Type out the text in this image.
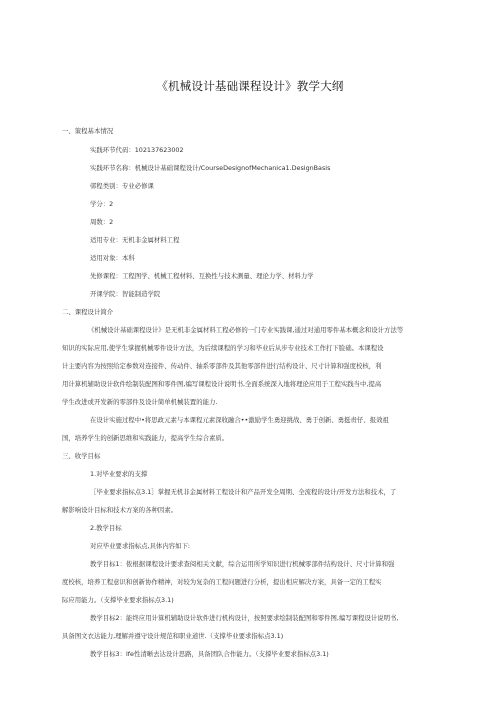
《机械设计基础课程设计》教学大纲
一、策程基本情况
实践环节代码：102137623002
实践环节名称：机械设计基础课程设计/CourseDesignofMechanica1.DesignBasis
邨程类别：专业必修课
学分：2
周数：2
适用专业：无机非金属材料工程
适用对象：本科
先修课程：工程图学、机械工程材料、互换性与技术测量、理论力学、材料力学
开课学院：智能制造学院
二、课程设计简介
《机械设计基础课程设计》是无机非金属材料工程必修的一门专业实践课,通过对通用零件基本概念和设计方法等
知识的实际应用,使学生掌握机械零件设计方法，为后续课程的学习和毕业后从步专业技术工作打下脸础。本课程设
计主要内容为按照给定参数对连接件、传动件、轴系零部件及其他零部件进行结构设计、尺寸计算和强度校核，利
用计算机辅助设计软件绘制装配图和零件图,编写课程设计说明书,全面系统深入地将理论应用于工程实践当中,提高
学生改进或开发新的零部件及设计简单机械装置的能力.
在设计实施过程中•将思政元素与本课程元素深收融合••激励学生勇迎挑战、勇于创新、勇挺责仔、报效祖
国，培养学生的创新思维和实践能力，提高学生综合素质。
三、收学目标
1.对毕业要求的支撑
［毕业要求指标点3.1］掌握无机非金属材料工程设计和产品开发全周期、全流程的设计/开发方法和技术，了
解影响设计目标和技术方案的各种因素。
2.教学目标
对应毕业要求指标点,具体内容如下:
教学目标1：侬根据课程设计要求查阅相关文献，综合运用所学知识进行机械零部件结构设计、尺寸计算和强
度校核，培养工程意识和创新协作精神，对较为复杂的工程问题进行分析，提出相应解决方案，具备一定的工程实
际应用能力。（支撑毕业要求指标点3.1)
教学目标2：能终应用计算机辅助设计软件进行机构设计，按照要求绘制装配图和零件图,编写课程设计说明书,
具备图文衣达能力,理解并遵守设计规范和职业道世.（支撑毕业要求指标点3.1)
教学目标3：lfe性清晰去达设计思路，具备团队合作能力。（支撑毕业要求指标点3.1)
